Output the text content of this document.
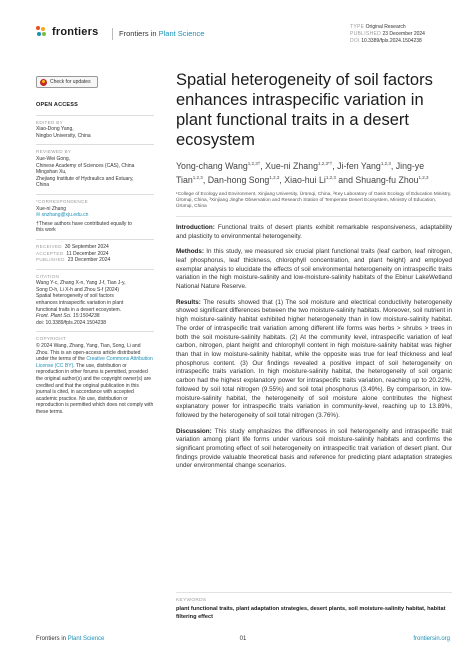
frontiers	Frontiers in Plant Science
TYPE Original Research
PUBLISHED 23 December 2024
DOI 10.3389/fpls.2024.1504238
Check for updates
OPEN ACCESS
EDITED BY
Xiao-Dong Yang,
Ningbo University, China
REVIEWED BY
Xue-Wei Gong,
Chinese Academy of Sciences (CAS), China
Mingshan Xu,
Zhejiang Institute of Hydraulics and Estuary,
China
*CORRESPONDENCE
Xue-ni Zhang
✉ xnzhang@xju.edu.cn
†These authors have contributed equally to
this work
RECEIVED 30 September 2024
ACCEPTED 11 December 2024
PUBLISHED 23 December 2024
CITATION
Wang Y-c, Zhang X-n, Yang J-f, Tian J-y,
Song D-h, Li X-h and Zhou S-f (2024)
Spatial heterogeneity of soil factors
enhances intraspecific variation in plant
functional traits in a desert ecosystem.
Front. Plant Sci. 15:1504238.
doi: 10.3389/fpls.2024.1504238
COPYRIGHT
© 2024 Wang, Zhang, Yang, Tian, Song, Li and
Zhou. This is an open-access article distributed
under the terms of the Creative Commons Attribution License (CC BY). The use, distribution or reproduction in other forums is permitted, provided the original author(s) and the copyright owner(s) are credited and that the original publication in this journal is cited, in accordance with accepted academic practice. No use, distribution or reproduction is permitted which does not comply with these terms.
Spatial heterogeneity of soil factors enhances intraspecific variation in plant functional traits in a desert ecosystem
Yong-chang Wang$^{1,2,3\dagger}$, Xue-ni Zhang$^{1,2,3*\dagger}$, Ji-fen Yang$^{1,2,3}$, Jing-ye Tian$^{1,2,3}$, Dan-hong Song$^{1,2,3}$, Xiao-hui Li$^{1,2,3}$ and Shuang-fu Zhou$^{1,2,3}$
¹College of Ecology and Environment, Xinjiang University, Ürümqi, China, ²Key Laboratory of Oasis Ecology of Education Ministry, Ürümqi, China, ³Xinjiang Jinghe Observation and Research Station of Temperate Desert Ecosystem, Ministry of Education, Ürümqi, China

Introduction: Functional traits of desert plants exhibit remarkable responsiveness, adaptability and plasticity to environmental heterogeneity.

Methods: In this study, we measured six crucial plant functional traits (leaf carbon, leaf nitrogen, leaf phosphorus, leaf thickness, chlorophyll concentration, and plant height) and employed exemplar analysis to elucidate the effects of soil environmental heterogeneity on intraspecific traits variation in the high moisture-salinity and low-moisture-salinity habitats of the Ebinur LakeWetland National Nature Reserve.

Results: The results showed that (1) The soil moisture and electrical conductivity heterogeneity showed significant differences between the two moisture-salinity habitats. Moreover, soil nutrient in high moisture-salinity habitat exhibited higher heterogeneity than in low moisture-salinity habitat. The order of intraspecific trait variation among different life forms was herbs > shrubs > trees in both the soil moisture-salinity habitats. (2) At the community level, intraspecific variation of leaf carbon, nitrogen, plant height and chlorophyll content in high moisture-salinity habitat was higher than that in low moisture-salinity habitat, while the opposite was true for leaf thickness and leaf phosphorus content. (3) Our findings revealed a positive impact of soil heterogeneity on intraspecific traits variation. In high moisture-salinity habitat, the heterogeneity of soil organic carbon had the highest explanatory power for intraspecific traits variation, reaching up to 20.22%, followed by soil total nitrogen (9.55%) and soil total phosphorus (3.49%). By comparison, in low-moisture-salinity habitat, the heterogeneity of soil moisture alone contributes the highest explanatory power for intraspecific traits variation in community-level, reaching up to 13.89%, followed by the heterogeneity of soil total nitrogen (3.76%).

Discussion: This study emphasizes the differences in soil heterogeneity and intraspecific trait variation among plant life forms under various soil moisture-salinity habitats and confirms the significant promoting effect of soil heterogeneity on intraspecific trait variation of desert plant. Our findings provide valuable theoretical basis and reference for predicting plant adaptation strategies under environmental change scenarios.

KEYWORDS
plant functional traits, plant adaptation strategies, desert plants, soil moisture-salinity habitat, habitat filtering effect
Frontiers in Plant Science	01	frontiersin.org
